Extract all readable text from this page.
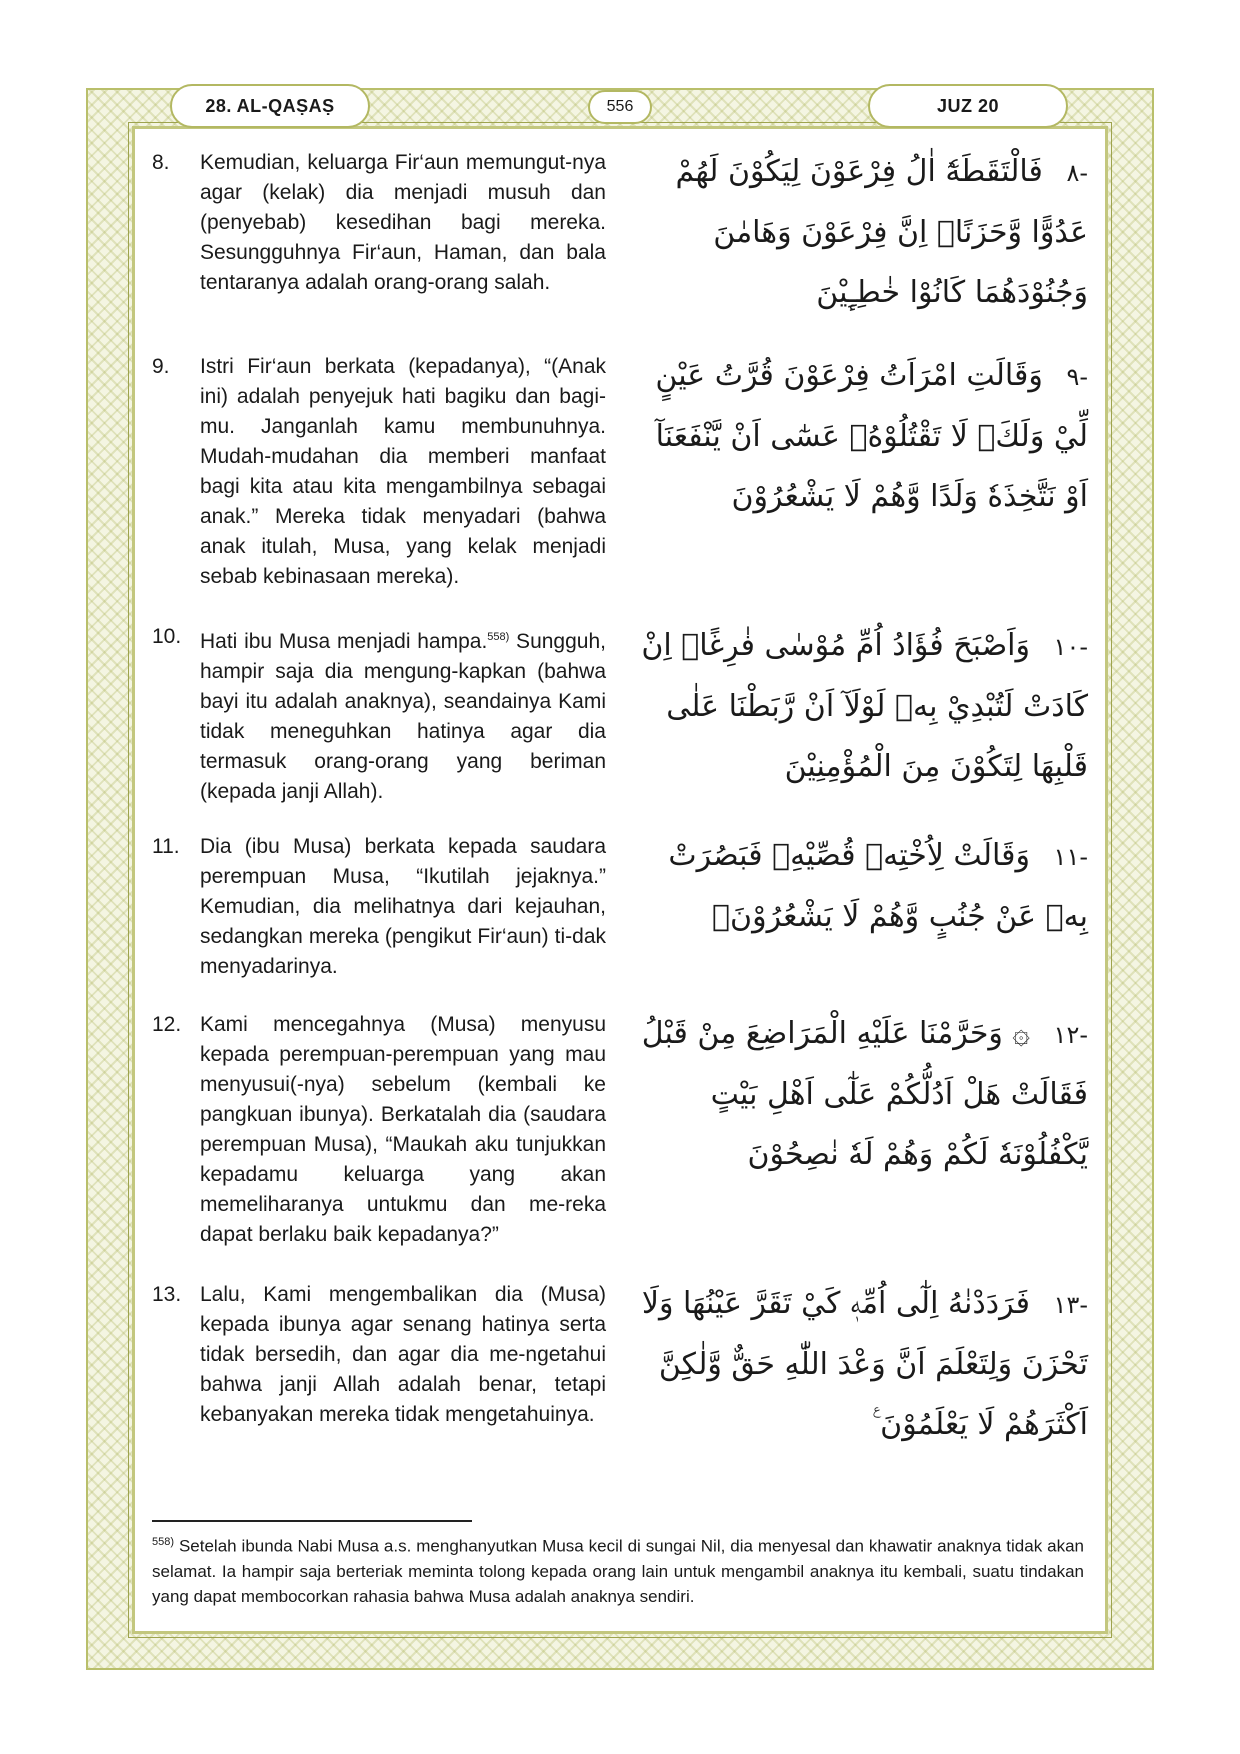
28. AL-QAṢAṢ	556	JUZ 20
8. Kemudian, keluarga Fir‘aun memungut-nya agar (kelak) dia menjadi musuh dan (penyebab) kesedihan bagi mereka. Sesungguhnya Fir‘aun, Haman, dan bala tentaranya adalah orang-orang salah.
-٨ فَالْتَقَطَهٗٓ اٰلُ فِرْعَوْنَ لِيَكُوْنَ لَهُمْ عَدُوًّا وَّحَزَنًاۗ اِنَّ فِرْعَوْنَ وَهَامٰنَ وَجُنُوْدَهُمَا كَانُوْا خٰطِـِٕيْنَ
9. Istri Fir‘aun berkata (kepadanya), “(Anak ini) adalah penyejuk hati bagiku dan bagi-mu. Janganlah kamu membunuhnya. Mudah-mudahan dia memberi manfaat bagi kita atau kita mengambilnya sebagai anak.” Mereka tidak menyadari (bahwa anak itulah, Musa, yang kelak menjadi sebab kebinasaan mereka).
-٩ وَقَالَتِ امْرَاَتُ فِرْعَوْنَ قُرَّتُ عَيْنٍ لِّيْ وَلَكَۗ لَا تَقْتُلُوْهُۖ عَسٰٓى اَنْ يَّنْفَعَنَآ اَوْ نَتَّخِذَهٗ وَلَدًا وَّهُمْ لَا يَشْعُرُوْنَ
10. Hati ibu Musa menjadi hampa.$^{558)}$ Sungguh, hampir saja dia mengung-kapkan (bahwa bayi itu adalah anaknya), seandainya Kami tidak meneguhkan hatinya agar dia termasuk orang-orang yang beriman (kepada janji Allah).
-١٠ وَاَصْبَحَ فُؤَادُ اُمِّ مُوْسٰى فٰرِغًاۗ اِنْ كَادَتْ لَتُبْدِيْ بِهٖ لَوْلَآ اَنْ رَّبَطْنَا عَلٰى قَلْبِهَا لِتَكُوْنَ مِنَ الْمُؤْمِنِيْنَ
11. Dia (ibu Musa) berkata kepada saudara perempuan Musa, “Ikutilah jejaknya.” Kemudian, dia melihatnya dari kejauhan, sedangkan mereka (pengikut Fir‘aun) ti-dak menyadarinya.
-١١ وَقَالَتْ لِاُخْتِهٖ قُصِّيْهِۗ فَبَصُرَتْ بِهٖ عَنْ جُنُبٍ وَّهُمْ لَا يَشْعُرُوْنَۙ
12. Kami mencegahnya (Musa) menyusu kepada perempuan-perempuan yang mau menyusui(-nya) sebelum (kembali ke pangkuan ibunya). Berkatalah dia (saudara perempuan Musa), “Maukah aku tunjukkan kepadamu keluarga yang akan memeliharanya untukmu dan me-reka dapat berlaku baik kepadanya?”
-١٢ ۞ وَحَرَّمْنَا عَلَيْهِ الْمَرَاضِعَ مِنْ قَبْلُ فَقَالَتْ هَلْ اَدُلُّكُمْ عَلٰٓى اَهْلِ بَيْتٍ يَّكْفُلُوْنَهٗ لَكُمْ وَهُمْ لَهٗ نٰصِحُوْنَ
13. Lalu, Kami mengembalikan dia (Musa) kepada ibunya agar senang hatinya serta tidak bersedih, dan agar dia me-ngetahui bahwa janji Allah adalah benar, tetapi kebanyakan mereka tidak mengetahuinya.
-١٣ فَرَدَدْنٰهُ اِلٰٓى اُمِّهٖ كَيْ تَقَرَّ عَيْنُهَا وَلَا تَحْزَنَ وَلِتَعْلَمَ اَنَّ وَعْدَ اللّٰهِ حَقٌّ وَّلٰكِنَّ اَكْثَرَهُمْ لَا يَعْلَمُوْنَ ࣖ
$^{558)}$ Setelah ibunda Nabi Musa a.s. menghanyutkan Musa kecil di sungai Nil, dia menyesal dan khawatir anaknya tidak akan selamat. Ia hampir saja berteriak meminta tolong kepada orang lain untuk mengambil anaknya itu kembali, suatu tindakan yang dapat membocorkan rahasia bahwa Musa adalah anaknya sendiri.
